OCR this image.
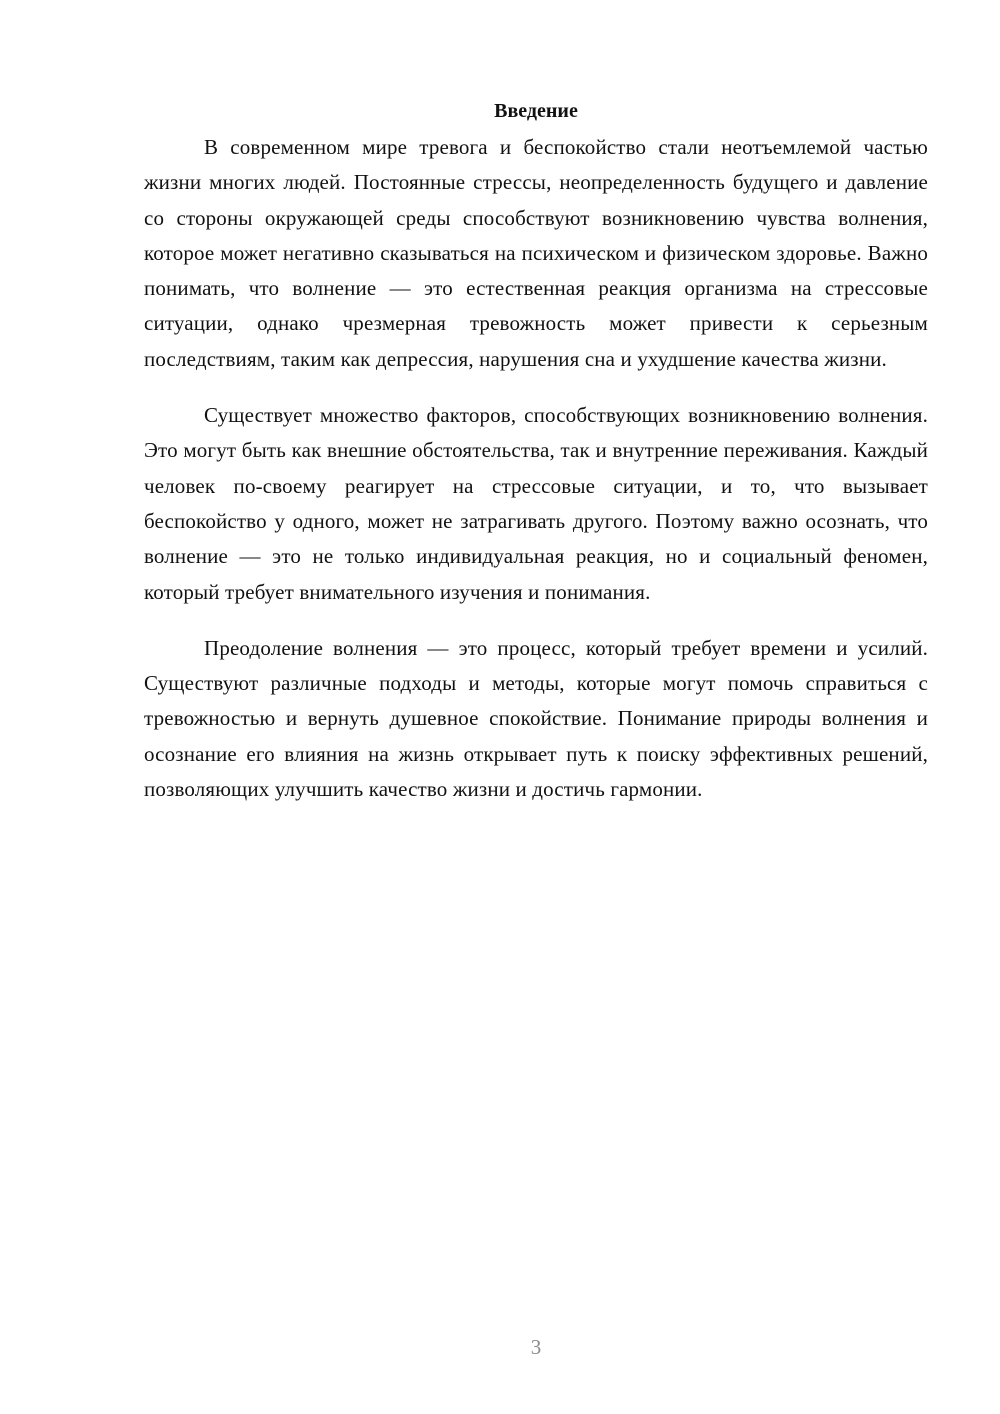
Введение

В современном мире тревога и беспокойство стали неотъемлемой частью жизни многих людей. Постоянные стрессы, неопределенность будущего и давление со стороны окружающей среды способствуют возникновению чувства волнения, которое может негативно сказываться на психическом и физическом здоровье. Важно понимать, что волнение — это естественная реакция организма на стрессовые ситуации, однако чрезмерная тревожность может привести к серьезным последствиям, таким как депрессия, нарушения сна и ухудшение качества жизни.

Существует множество факторов, способствующих возникновению волнения. Это могут быть как внешние обстоятельства, так и внутренние переживания. Каждый человек по-своему реагирует на стрессовые ситуации, и то, что вызывает беспокойство у одного, может не затрагивать другого. Поэтому важно осознать, что волнение — это не только индивидуальная реакция, но и социальный феномен, который требует внимательного изучения и понимания.

Преодоление волнения — это процесс, который требует времени и усилий. Существуют различные подходы и методы, которые могут помочь справиться с тревожностью и вернуть душевное спокойствие. Понимание природы волнения и осознание его влияния на жизнь открывает путь к поиску эффективных решений, позволяющих улучшить качество жизни и достичь гармонии.

3
